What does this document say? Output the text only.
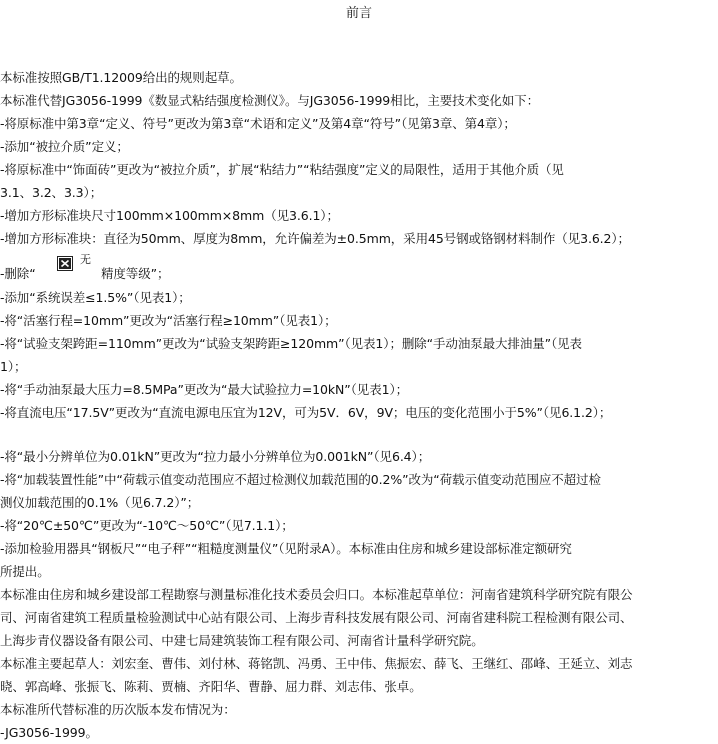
前言
本标准按照GB/T1.12009给出的规则起草。
本标准代替JG3056-1999《数显式粘结强度检测仪》。与JG3056-1999相比，主要技术变化如下：
-将原标准中第3章“定义、符号”更改为第3章“术语和定义”及第4章“符号”（见第3章、第4章）；
-添加“被拉介质”定义；
-将原标准中“饰面砖”更改为“被拉介质”，扩展“粘结力”“粘结强度”定义的局限性，适用于其他介质（见
3.1、3.2、3.3）；
-增加方形标准块尺寸100mm×100mm×8mm（见3.6.1）；
-增加方形标准块：直径为50mm、厚度为8mm，允许偏差为±0.5mm，采用45号钢或铬钢材料制作（见3.6.2）；
-删除“
无
精度等级”；
-添加“系统误差≤1.5%”（见表1）；
-将“活塞行程=10mm”更改为“活塞行程≥10mm”（见表1）；
-将“试验支架跨距=110mm”更改为“试验支架跨距≥120mm”（见表1）；删除“手动油泵最大排油量”（见表
1）；
-将“手动油泵最大压力=8.5MPa”更改为“最大试验拉力=10kN”（见表1）；
-将直流电压“17.5V”更改为“直流电源电压宜为12V，可为5V．6V，9V；电压的变化范围小于5%”（见6.1.2）；
-将“最小分辨单位为0.01kN”更改为“拉力最小分辨单位为0.001kN”（见6.4）；
-将“加载装置性能”中“荷载示值变动范围应不超过检测仪加载范围的0.2%”改为“荷载示值变动范围应不超过检
测仪加载范围的0.1%（见6.7.2）”；
-将“20℃±50℃”更改为“-10℃～50℃”（见7.1.1）；
-添加检验用器具“钢板尺”“电子秤”“粗糙度测量仪”（见附录A）。本标准由住房和城乡建设部标准定额研究
所提出。
本标准由住房和城乡建设部工程勘察与测量标准化技术委员会归口。本标准起草单位：河南省建筑科学研究院有限公
司、河南省建筑工程质量检验测试中心站有限公司、上海步青科技发展有限公司、河南省建科院工程检测有限公司、
上海步青仪器设备有限公司、中建七局建筑装饰工程有限公司、河南省计量科学研究院。
本标准主要起草人：刘宏奎、曹伟、刘付林、蒋铭凯、冯勇、王中伟、焦振宏、薛飞、王继红、邵峰、王延立、刘志
晓、郭高峰、张振飞、陈莉、贾楠、齐阳华、曹静、屈力群、刘志伟、张卓。
本标准所代替标准的历次版本发布情况为：
-JG3056-1999。
